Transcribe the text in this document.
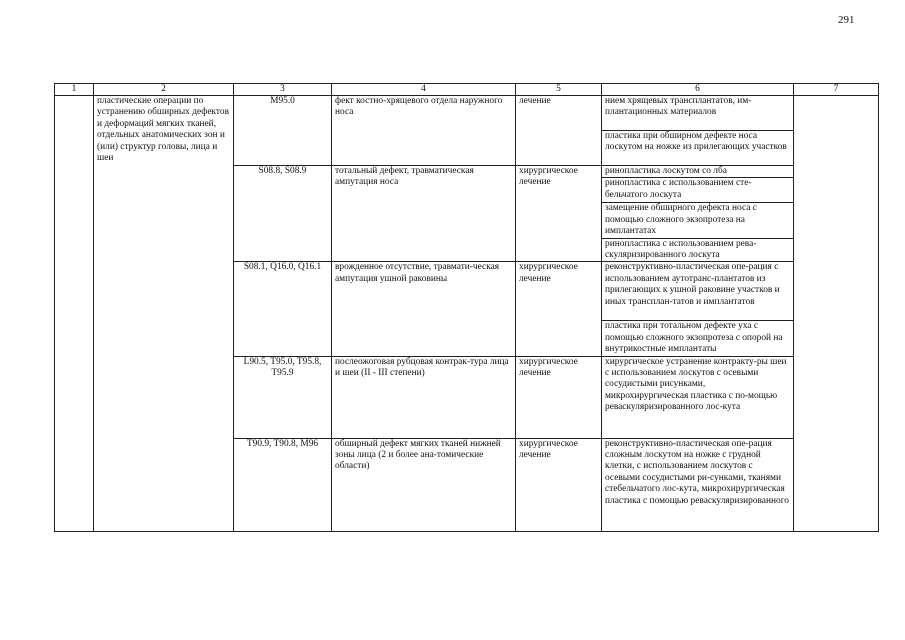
291
1	2	3	4	5	6	7
	пластические операции по устранению обширных дефектов и деформаций мягких тканей, отдельных анатомических зон и (или) структур головы, лица и шеи	M95.0	фект костно-хрящевого отдела наружного носа	лечение	нием хрящевых трансплантатов, им-плантационных материалов	
					пластика при обширном дефекте носа лоскутом на ножке из прилегающих участков	
		S08.8, S08.9	тотальный дефект, травматическая ампутация носа	хирургическое лечение	ринопластика лоскутом со лба	
					ринопластика с использованием сте-бельчатого лоскута	
					замещение обширного дефекта носа с помощью сложного экзопротеза на имплантатах	
					ринопластика с использованием рева-скуляризированного лоскута	
		S08.1, Q16.0, Q16.1	врожденное отсутствие, травмати-ческая ампутация ушной раковины	хирургическое лечение	реконструктивно-пластическая опе-рация с использованием аутотранс-плантатов из прилегающих к ушной раковине участков и иных трансплан-татов и имплантатов	
					пластика при тотальном дефекте уха с помощью сложного экзопротеза с опорой на внутрикостные имплантаты	
		L90.5, T95.0, T95.8, T95.9	послеожоговая рубцовая контрак-тура лица и шеи (II - III степени)	хирургическое лечение	хирургическое устранение контракту-ры шеи с использованием лоскутов с осевыми сосудистыми рисунками, микрохирургическая пластика с по-мощью реваскуляризированного лос-кута	
		T90.9, T90.8, M96	обширный дефект мягких тканей нижней зоны лица (2 и более ана-томические области)	хирургическое лечение	реконструктивно-пластическая опе-рация сложным лоскутом на ножке с грудной клетки, с использованием лоскутов с осевыми сосудистыми ри-сунками, тканями стебельчатого лос-кута, микрохирургическая пластика с помощью реваскуляризированного	
